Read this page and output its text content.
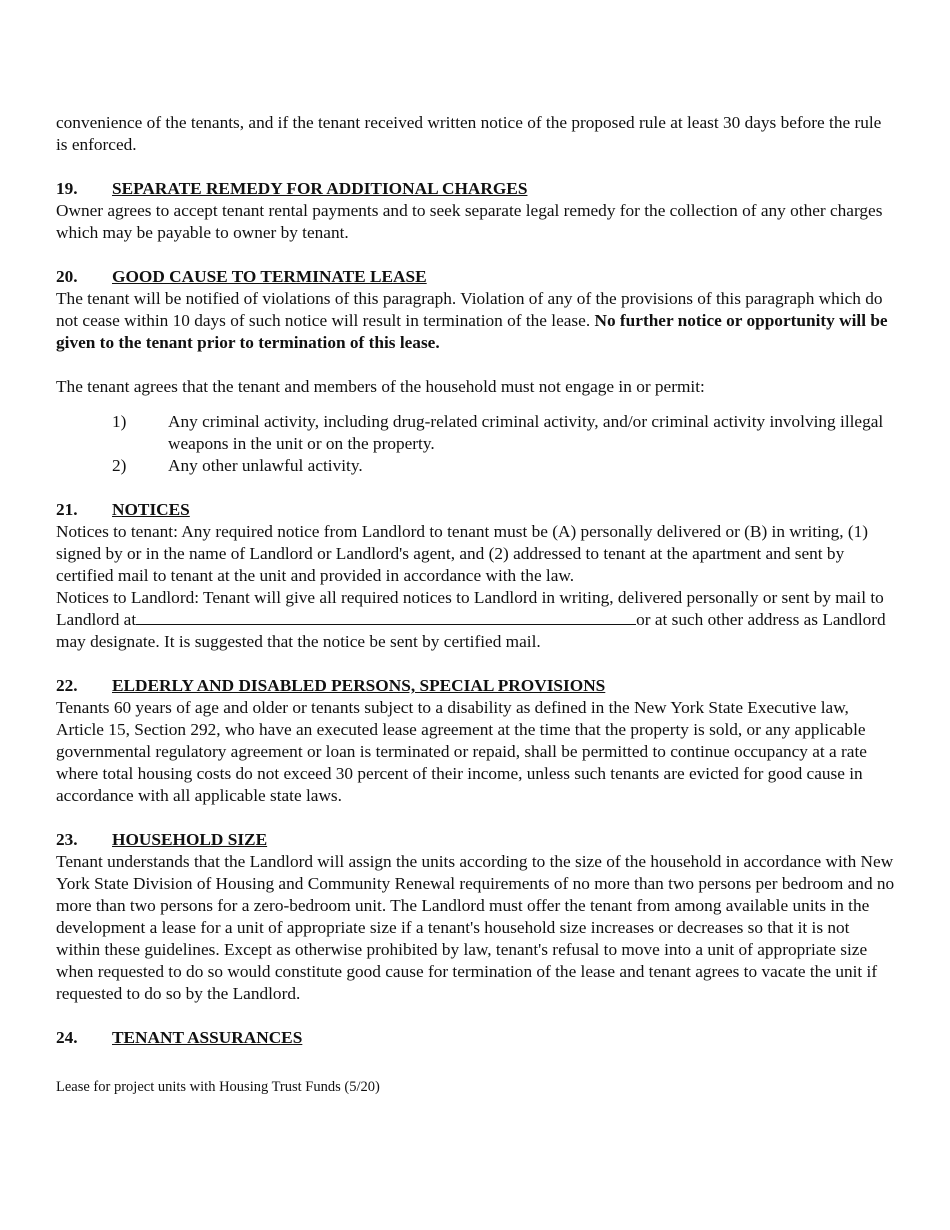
convenience of the tenants, and if the tenant received written notice of the proposed rule at least 30 days before the rule is enforced.

19.	SEPARATE REMEDY FOR ADDITIONAL CHARGES

Owner agrees to accept tenant rental payments and to seek separate legal remedy for the collection of any other charges which may be payable to owner by tenant.

20.	GOOD CAUSE TO TERMINATE LEASE

The tenant will be notified of violations of this paragraph. Violation of any of the provisions of this paragraph which do not cease within 10 days of such notice will result in termination of the lease. No further notice or opportunity will be given to the tenant prior to termination of this lease.

The tenant agrees that the tenant and members of the household must not engage in or permit:

1)	Any criminal activity, including drug-related criminal activity, and/or criminal activity involving illegal weapons in the unit or on the property.
2)	Any other unlawful activity.
21.	NOTICES

Notices to tenant: Any required notice from Landlord to tenant must be (A) personally delivered or (B) in writing, (1) signed by or in the name of Landlord or Landlord's agent, and (2) addressed to tenant at the apartment and sent by certified mail to tenant at the unit and provided in accordance with the law.

Notices to Landlord: Tenant will give all required notices to Landlord in writing, delivered personally or sent by mail to Landlord at	or at such other address as Landlord may designate. It is suggested that the notice be sent by certified mail.

22.	ELDERLY AND DISABLED PERSONS, SPECIAL PROVISIONS

Tenants 60 years of age and older or tenants subject to a disability as defined in the New York State Executive law, Article 15, Section 292, who have an executed lease agreement at the time that the property is sold, or any applicable governmental regulatory agreement or loan is terminated or repaid, shall be permitted to continue occupancy at a rate where total housing costs do not exceed 30 percent of their income, unless such tenants are evicted for good cause in accordance with all applicable state laws.

23.	HOUSEHOLD SIZE

Tenant understands that the Landlord will assign the units according to the size of the household in accordance with New York State Division of Housing and Community Renewal requirements of no more than two persons per bedroom and no more than two persons for a zero-bedroom unit. The Landlord must offer the tenant from among available units in the development a lease for a unit of appropriate size if a tenant's household size increases or decreases so that it is not within these guidelines. Except as otherwise prohibited by law, tenant's refusal to move into a unit of appropriate size when requested to do so would constitute good cause for termination of the lease and tenant agrees to vacate the unit if requested to do so by the Landlord.

24.	TENANT ASSURANCES
Lease for project units with Housing Trust Funds (5/20)
